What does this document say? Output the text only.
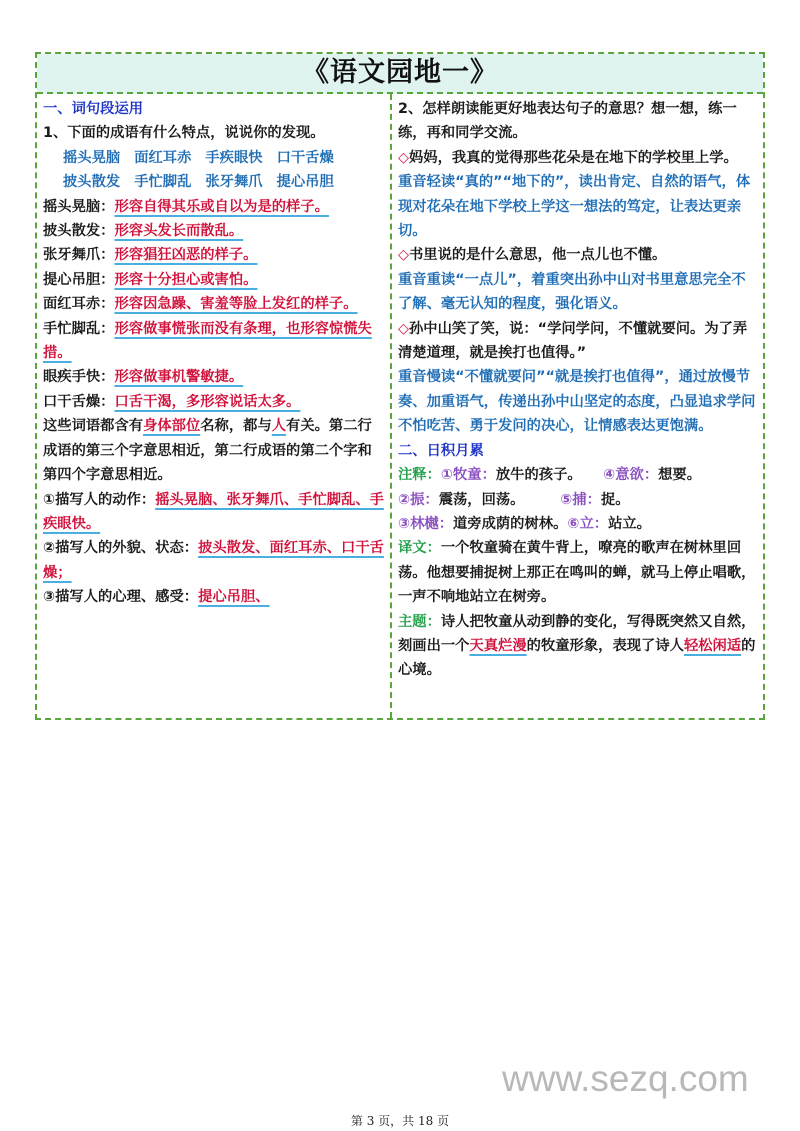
《语文园地一》

一、词句段运用

1、下面的成语有什么特点，说说你的发现。

摇头晃脑 面红耳赤 手疾眼快 口干舌燥

披头散发 手忙脚乱 张牙舞爪 提心吊胆

摇头晃脑：形容自得其乐或自以为是的样子。

披头散发：形容头发长而散乱。

张牙舞爪：形容猖狂凶恶的样子。

提心吊胆：形容十分担心或害怕。

面红耳赤：形容因急躁、害羞等脸上发红的样子。

手忙脚乱：形容做事慌张而没有条理，也形容惊慌失措。

眼疾手快：形容做事机警敏捷。

口干舌燥：口舌干渴，多形容说话太多。

这些词语都含有身体部位名称，都与人有关。第二行成语的第三个字意思相近，第二行成语的第二个字和第四个字意思相近。

①描写人的动作：摇头晃脑、张牙舞爪、手忙脚乱、手疾眼快。

②描写人的外貌、状态：披头散发、面红耳赤、口干舌燥；

③描写人的心理、感受：提心吊胆、

2、怎样朗读能更好地表达句子的意思？想一想，练一练，再和同学交流。

◇妈妈，我真的觉得那些花朵是在地下的学校里上学。

重音轻读“真的”“地下的”，读出肯定、自然的语气，体现对花朵在地下学校上学这一想法的笃定，让表达更亲切。

◇书里说的是什么意思，他一点儿也不懂。

重音重读“一点儿”，着重突出孙中山对书里意思完全不了解、毫无认知的程度，强化语义。

◇孙中山笑了笑，说：“学问学问，不懂就要问。为了弄清楚道理，就是挨打也值得。”

重音慢读“不懂就要问”“就是挨打也值得”，通过放慢节奏、加重语气，传递出孙中山坚定的态度，凸显追求学问不怕吃苦、勇于发问的决心，让情感表达更饱满。

二、日积月累

注释：①牧童：放牛的孩子。　　④意欲：想要。

②振：震荡，回荡。　　　⑤捕：捉。

③林樾：道旁成荫的树林。⑥立：站立。

译文：一个牧童骑在黄牛背上，嘹亮的歌声在树林里回荡。他想要捕捉树上那正在鸣叫的蝉，就马上停止唱歌，一声不响地站立在树旁。

主题：诗人把牧童从动到静的变化，写得既突然又自然，刻画出一个天真烂漫的牧童形象，表现了诗人轻松闲适的心境。

www.sezq.com
第 3 页，共 18 页
